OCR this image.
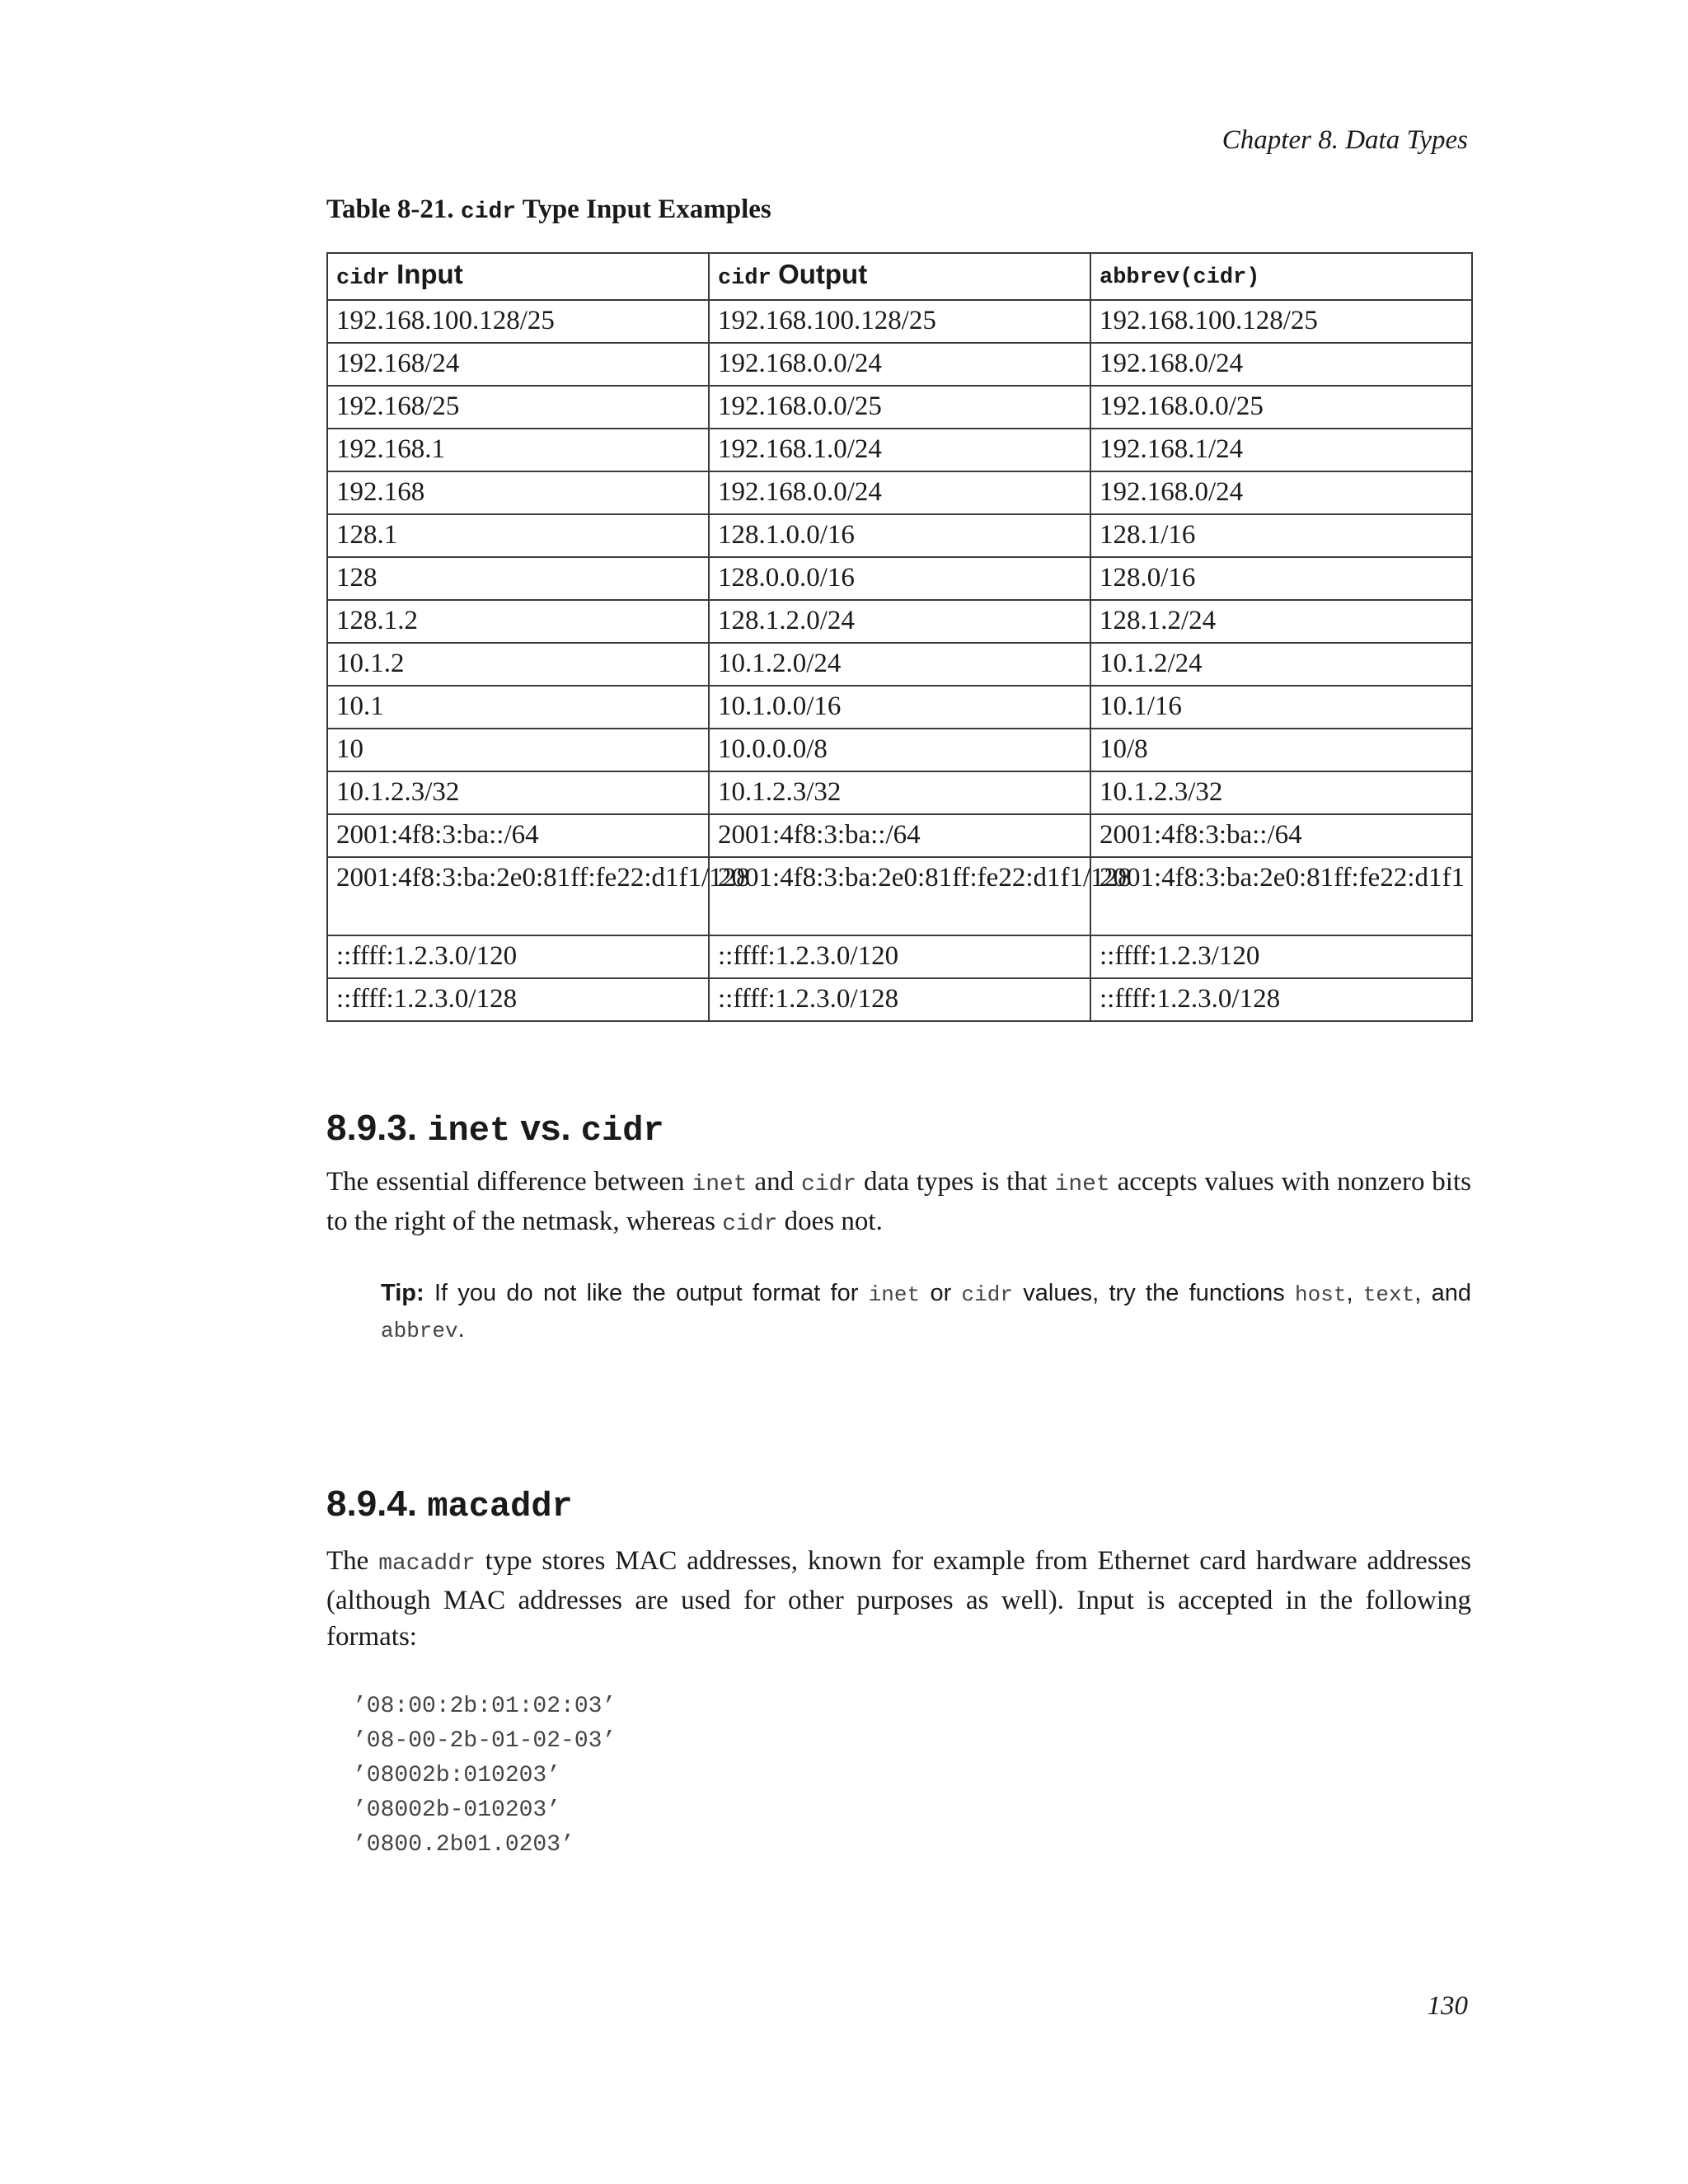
Chapter 8. Data Types
Table 8-21. cidr Type Input Examples
cidr Input	cidr Output	abbrev(cidr)
192.168.100.128/25	192.168.100.128/25	192.168.100.128/25
192.168/24	192.168.0.0/24	192.168.0/24
192.168/25	192.168.0.0/25	192.168.0.0/25
192.168.1	192.168.1.0/24	192.168.1/24
192.168	192.168.0.0/24	192.168.0/24
128.1	128.1.0.0/16	128.1/16
128	128.0.0.0/16	128.0/16
128.1.2	128.1.2.0/24	128.1.2/24
10.1.2	10.1.2.0/24	10.1.2/24
10.1	10.1.0.0/16	10.1/16
10	10.0.0.0/8	10/8
10.1.2.3/32	10.1.2.3/32	10.1.2.3/32
2001:4f8:3:ba::/64	2001:4f8:3:ba::/64	2001:4f8:3:ba::/64
2001:4f8:3:ba:2e0:81ff:fe22:d1f1/128	2001:4f8:3:ba:2e0:81ff:fe22:d1f1/128	2001:4f8:3:ba:2e0:81ff:fe22:d1f1
::ffff:1.2.3.0/120	::ffff:1.2.3.0/120	::ffff:1.2.3/120
::ffff:1.2.3.0/128	::ffff:1.2.3.0/128	::ffff:1.2.3.0/128
8.9.3. inet vs. cidr

The essential difference between inet and cidr data types is that inet accepts values with nonzero bits to the right of the netmask, whereas cidr does not.

Tip: If you do not like the output format for inet or cidr values, try the functions host, text, and abbrev.

8.9.4. macaddr

The macaddr type stores MAC addresses, known for example from Ethernet card hardware addresses (although MAC addresses are used for other purposes as well). Input is accepted in the following formats:

’08:00:2b:01:02:03’
’08-00-2b-01-02-03’
’08002b:010203’
’08002b-010203’
’0800.2b01.0203’
130
